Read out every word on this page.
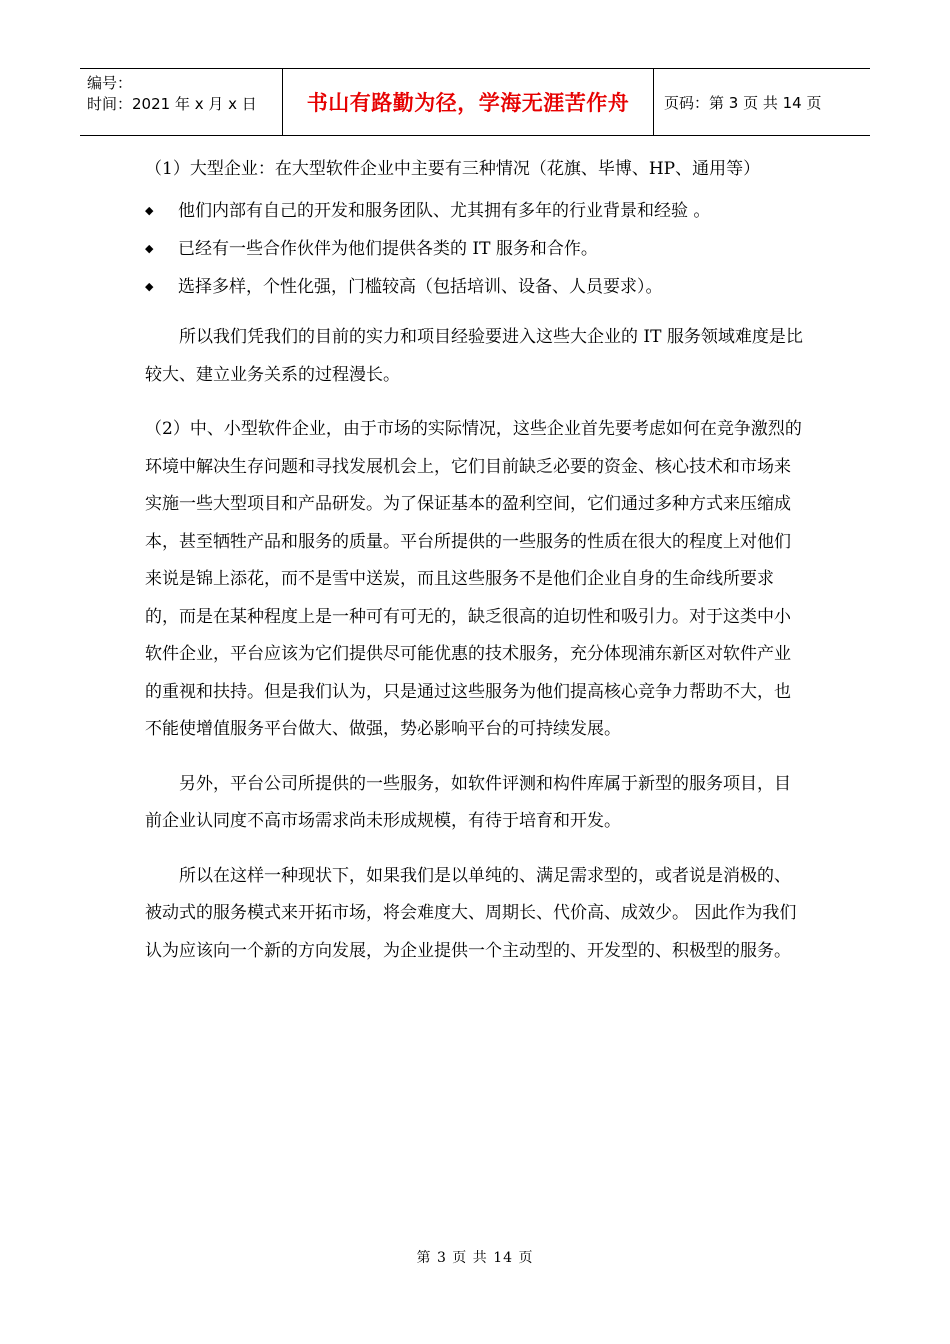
编号：
时间：2021 年 x 月 x 日	书山有路勤为径，学海无涯苦作舟	页码：第 3 页 共 14 页

（1）大型企业：在大型软件企业中主要有三种情况（花旗、毕博、HP、通用等）

◆ 他们内部有自己的开发和服务团队、尤其拥有多年的行业背景和经验 。
◆ 已经有一些合作伙伴为他们提供各类的 IT 服务和合作。
◆ 选择多样，个性化强，门槛较高（包括培训、设备、人员要求）。

所以我们凭我们的目前的实力和项目经验要进入这些大企业的 IT 服务领域难度是比较大、建立业务关系的过程漫长。

（2）中、小型软件企业，由于市场的实际情况，这些企业首先要考虑如何在竞争激烈的环境中解决生存问题和寻找发展机会上，它们目前缺乏必要的资金、核心技术和市场来实施一些大型项目和产品研发。为了保证基本的盈利空间，它们通过多种方式来压缩成本，甚至牺牲产品和服务的质量。平台所提供的一些服务的性质在很大的程度上对他们来说是锦上添花，而不是雪中送炭，而且这些服务不是他们企业自身的生命线所要求的，而是在某种程度上是一种可有可无的，缺乏很高的迫切性和吸引力。对于这类中小软件企业，平台应该为它们提供尽可能优惠的技术服务，充分体现浦东新区对软件产业的重视和扶持。但是我们认为，只是通过这些服务为他们提高核心竞争力帮助不大，也不能使增值服务平台做大、做强，势必影响平台的可持续发展。

另外，平台公司所提供的一些服务，如软件评测和构件库属于新型的服务项目，目前企业认同度不高市场需求尚未形成规模，有待于培育和开发。

所以在这样一种现状下，如果我们是以单纯的、满足需求型的，或者说是消极的、被动式的服务模式来开拓市场，将会难度大、周期长、代价高、成效少。 因此作为我们认为应该向一个新的方向发展，为企业提供一个主动型的、开发型的、积极型的服务。

第 3 页 共 14 页
